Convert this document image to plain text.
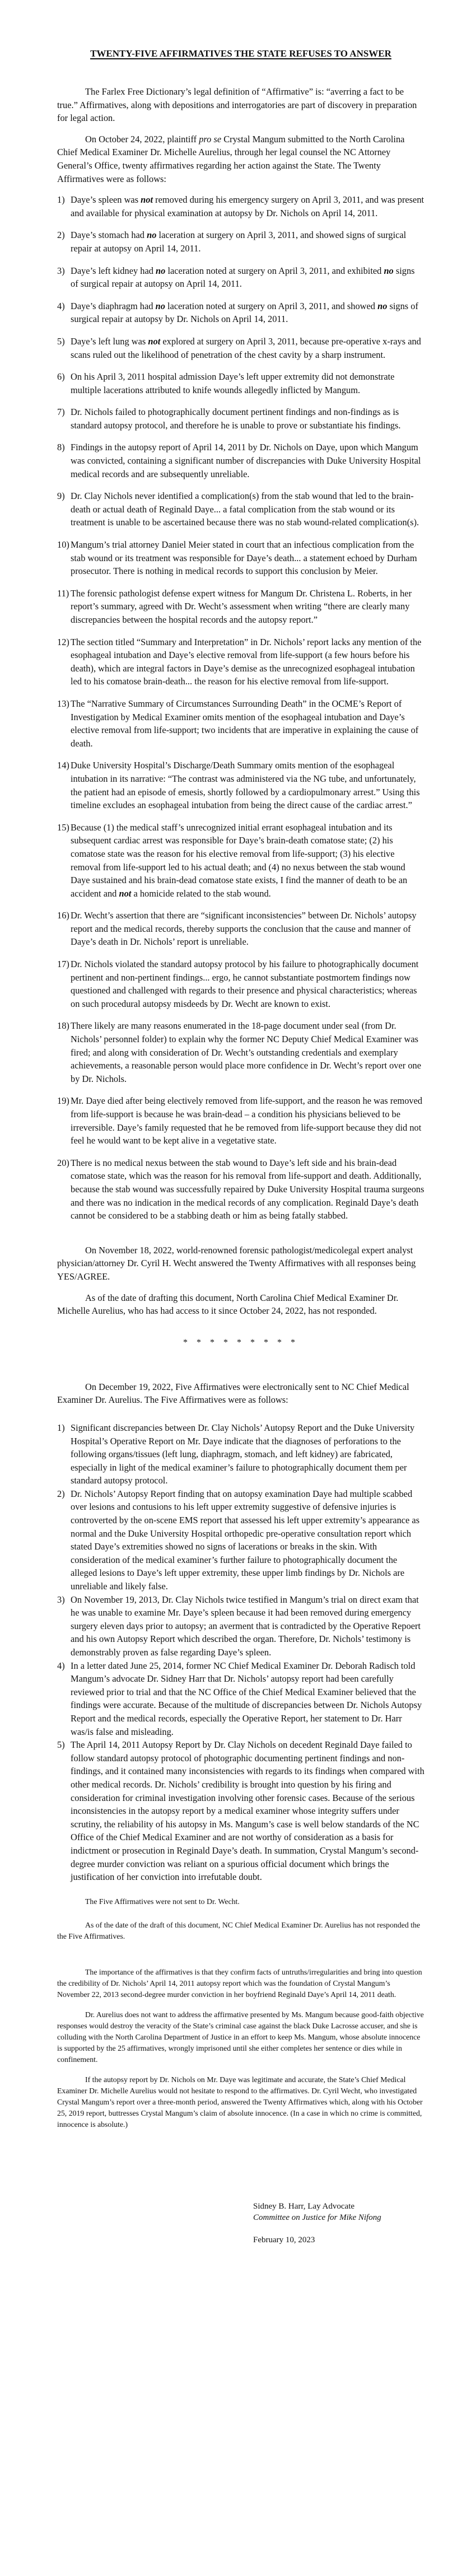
TWENTY-FIVE AFFIRMATIVES THE STATE REFUSES TO ANSWER

The Farlex Free Dictionary’s legal definition of “Affirmative” is: “averring a fact to be true.” Affirmatives, along with depositions and interrogatories are part of discovery in preparation for legal action.

On October 24, 2022, plaintiff pro se Crystal Mangum submitted to the North Carolina Chief Medical Examiner Dr. Michelle Aurelius, through her legal counsel the NC Attorney General’s Office, twenty affirmatives regarding her action against the State. The Twenty Affirmatives were as follows:

1) Daye’s spleen was not removed during his emergency surgery on April 3, 2011, and was present and available for physical examination at autopsy by Dr. Nichols on April 14, 2011.
2) Daye’s stomach had no laceration at surgery on April 3, 2011, and showed signs of surgical repair at autopsy on April 14, 2011.
3) Daye’s left kidney had no laceration noted at surgery on April 3, 2011, and exhibited no signs of surgical repair at autopsy on April 14, 2011.
4) Daye’s diaphragm had no laceration noted at surgery on April 3, 2011, and showed no signs of surgical repair at autopsy by Dr. Nichols on April 14, 2011.
5) Daye’s left lung was not explored at surgery on April 3, 2011, because pre-operative x-rays and scans ruled out the likelihood of penetration of the chest cavity by a sharp instrument.
6) On his April 3, 2011 hospital admission Daye’s left upper extremity did not demonstrate multiple lacerations attributed to knife wounds allegedly inflicted by Mangum.
7) Dr. Nichols failed to photographically document pertinent findings and non-findings as is standard autopsy protocol, and therefore he is unable to prove or substantiate his findings.
8) Findings in the autopsy report of April 14, 2011 by Dr. Nichols on Daye, upon which Mangum was convicted, containing a significant number of discrepancies with Duke University Hospital medical records and are subsequently unreliable.
9) Dr. Clay Nichols never identified a complication(s) from the stab wound that led to the brain-death or actual death of Reginald Daye... a fatal complication from the stab wound or its treatment is unable to be ascertained because there was no stab wound-related complication(s).
10) Mangum’s trial attorney Daniel Meier stated in court that an infectious complication from the stab wound or its treatment was responsible for Daye’s death... a statement echoed by Durham prosecutor. There is nothing in medical records to support this conclusion by Meier.
11) The forensic pathologist defense expert witness for Mangum Dr. Christena L. Roberts, in her report’s summary, agreed with Dr. Wecht’s assessment when writing “there are clearly many discrepancies between the hospital records and the autopsy report.”
12) The section titled “Summary and Interpretation” in Dr. Nichols’ report lacks any mention of the esophageal intubation and Daye’s elective removal from life-support (a few hours before his death), which are integral factors in Daye’s demise as the unrecognized esophageal intubation led to his comatose brain-death... the reason for his elective removal from life-support.
13) The “Narrative Summary of Circumstances Surrounding Death” in the OCME’s Report of Investigation by Medical Examiner omits mention of the esophageal intubation and Daye’s elective removal from life-support; two incidents that are imperative in explaining the cause of death.
14) Duke University Hospital’s Discharge/Death Summary omits mention of the esophageal intubation in its narrative: “The contrast was administered via the NG tube, and unfortunately, the patient had an episode of emesis, shortly followed by a cardiopulmonary arrest.” Using this timeline excludes an esophageal intubation from being the direct cause of the cardiac arrest.”
15) Because (1) the medical staff’s unrecognized initial errant esophageal intubation and its subsequent cardiac arrest was responsible for Daye’s brain-death comatose state; (2) his comatose state was the reason for his elective removal from life-support; (3) his elective removal from life-support led to his actual death; and (4) no nexus between the stab wound Daye sustained and his brain-dead comatose state exists, I find the manner of death to be an accident and not a homicide related to the stab wound.
16) Dr. Wecht’s assertion that there are “significant inconsistencies” between Dr. Nichols’ autopsy report and the medical records, thereby supports the conclusion that the cause and manner of Daye’s death in Dr. Nichols’ report is unreliable.
17) Dr. Nichols violated the standard autopsy protocol by his failure to photographically document pertinent and non-pertinent findings... ergo, he cannot substantiate postmortem findings now questioned and challenged with regards to their presence and physical characteristics; whereas on such procedural autopsy misdeeds by Dr. Wecht are known to exist.
18) There likely are many reasons enumerated in the 18-page document under seal (from Dr. Nichols’ personnel folder) to explain why the former NC Deputy Chief Medical Examiner was fired; and along with consideration of Dr. Wecht’s outstanding credentials and exemplary achievements, a reasonable person would place more confidence in Dr. Wecht’s report over one by Dr. Nichols.
19) Mr. Daye died after being electively removed from life-support, and the reason he was removed from life-support is because he was brain-dead – a condition his physicians believed to be irreversible. Daye’s family requested that he be removed from life-support because they did not feel he would want to be kept alive in a vegetative state.
20) There is no medical nexus between the stab wound to Daye’s left side and his brain-dead comatose state, which was the reason for his removal from life-support and death. Additionally, because the stab wound was successfully repaired by Duke University Hospital trauma surgeons and there was no indication in the medical records of any complication. Reginald Daye’s death cannot be considered to be a stabbing death or him as being fatally stabbed.

On November 18, 2022, world-renowned forensic pathologist/medicolegal expert analyst physician/attorney Dr. Cyril H. Wecht answered the Twenty Affirmatives with all responses being YES/AGREE.

As of the date of drafting this document, North Carolina Chief Medical Examiner Dr. Michelle Aurelius, who has had access to it since October 24, 2022, has not responded.

* * * * * * * * *

On December 19, 2022, Five Affirmatives were electronically sent to NC Chief Medical Examiner Dr. Aurelius. The Five Affirmatives were as follows:

1) Significant discrepancies between Dr. Clay Nichols’ Autopsy Report and the Duke University Hospital’s Operative Report on Mr. Daye indicate that the diagnoses of perforations to the following organs/tissues (left lung, diaphragm, stomach, and left kidney) are fabricated, especially in light of the medical examiner’s failure to photographically document them per standard autopsy protocol.
2) Dr. Nichols’ Autopsy Report finding that on autopsy examination Daye had multiple scabbed over lesions and contusions to his left upper extremity suggestive of defensive injuries is controverted by the on-scene EMS report that assessed his left upper extremity’s appearance as normal and the Duke University Hospital orthopedic pre-operative consultation report which stated Daye’s extremities showed no signs of lacerations or breaks in the skin. With consideration of the medical examiner’s further failure to photographically document the alleged lesions to Daye’s left upper extremity, these upper limb findings by Dr. Nichols are unreliable and likely false.
3) On November 19, 2013, Dr. Clay Nichols twice testified in Mangum’s trial on direct exam that he was unable to examine Mr. Daye’s spleen because it had been removed during emergency surgery eleven days prior to autopsy; an averment that is contradicted by the Operative Repoert and his own Autopsy Report which described the organ. Therefore, Dr. Nichols’ testimony is demonstrably proven as false regarding Daye’s spleen.
4) In a letter dated June 25, 2014, former NC Chief Medical Examiner Dr. Deborah Radisch told Mangum’s advocate Dr. Sidney Harr that Dr. Nichols’ autopsy report had been carefully reviewed prior to trial and that the NC Office of the Chief Medical Examiner believed that the findings were accurate. Because of the multitude of discrepancies between Dr. Nichols Autopsy Report and the medical records, especially the Operative Report, her statement to Dr. Harr was/is false and misleading.
5) The April 14, 2011 Autopsy Report by Dr. Clay Nichols on decedent Reginald Daye failed to follow standard autopsy protocol of photographic documenting pertinent findings and non-findings, and it contained many inconsistencies with regards to its findings when compared with other medical records. Dr. Nichols’ credibility is brought into question by his firing and consideration for criminal investigation involving other forensic cases. Because of the serious inconsistencies in the autopsy report by a medical examiner whose integrity suffers under scrutiny, the reliability of his autopsy in Ms. Mangum’s case is well below standards of the NC Office of the Chief Medical Examiner and are not worthy of consideration as a basis for indictment or prosecution in Reginald Daye’s death. In summation, Crystal Mangum’s second-degree murder conviction was reliant on a spurious official document which brings the justification of her conviction into irrefutable doubt.

The Five Affirmatives were not sent to Dr. Wecht.

As of the date of the draft of this document, NC Chief Medical Examiner Dr. Aurelius has not responded the the Five Affirmatives.

The importance of the affirmatives is that they confirm facts of untruths/irregularities and bring into question the credibility of Dr. Nichols’ April 14, 2011 autopsy report which was the foundation of Crystal Mangum’s November 22, 2013 second-degree murder conviction in her boyfriend Reginald Daye’s April 14, 2011 death.

Dr. Aurelius does not want to address the affirmative presented by Ms. Mangum because good-faith objective responses would destroy the veracity of the State’s criminal case against the black Duke Lacrosse accuser, and she is colluding with the North Carolina Department of Justice in an effort to keep Ms. Mangum, whose absolute innocence is supported by the 25 affirmatives, wrongly imprisoned until she either completes her sentence or dies while in confinement.

If the autopsy report by Dr. Nichols on Mr. Daye was legitimate and accurate, the State’s Chief Medical Examiner Dr. Michelle Aurelius would not hesitate to respond to the affirmatives. Dr. Cyril Wecht, who investigated Crystal Mangum’s report over a three-month period, answered the Twenty Affirmatives which, along with his October 25, 2019 report, buttresses Crystal Mangum’s claim of absolute innocence. (In a case in which no crime is committed, innocence is absolute.)

Sidney B. Harr, Lay Advocate
Committee on Justice for Mike Nifong
February 10, 2023
